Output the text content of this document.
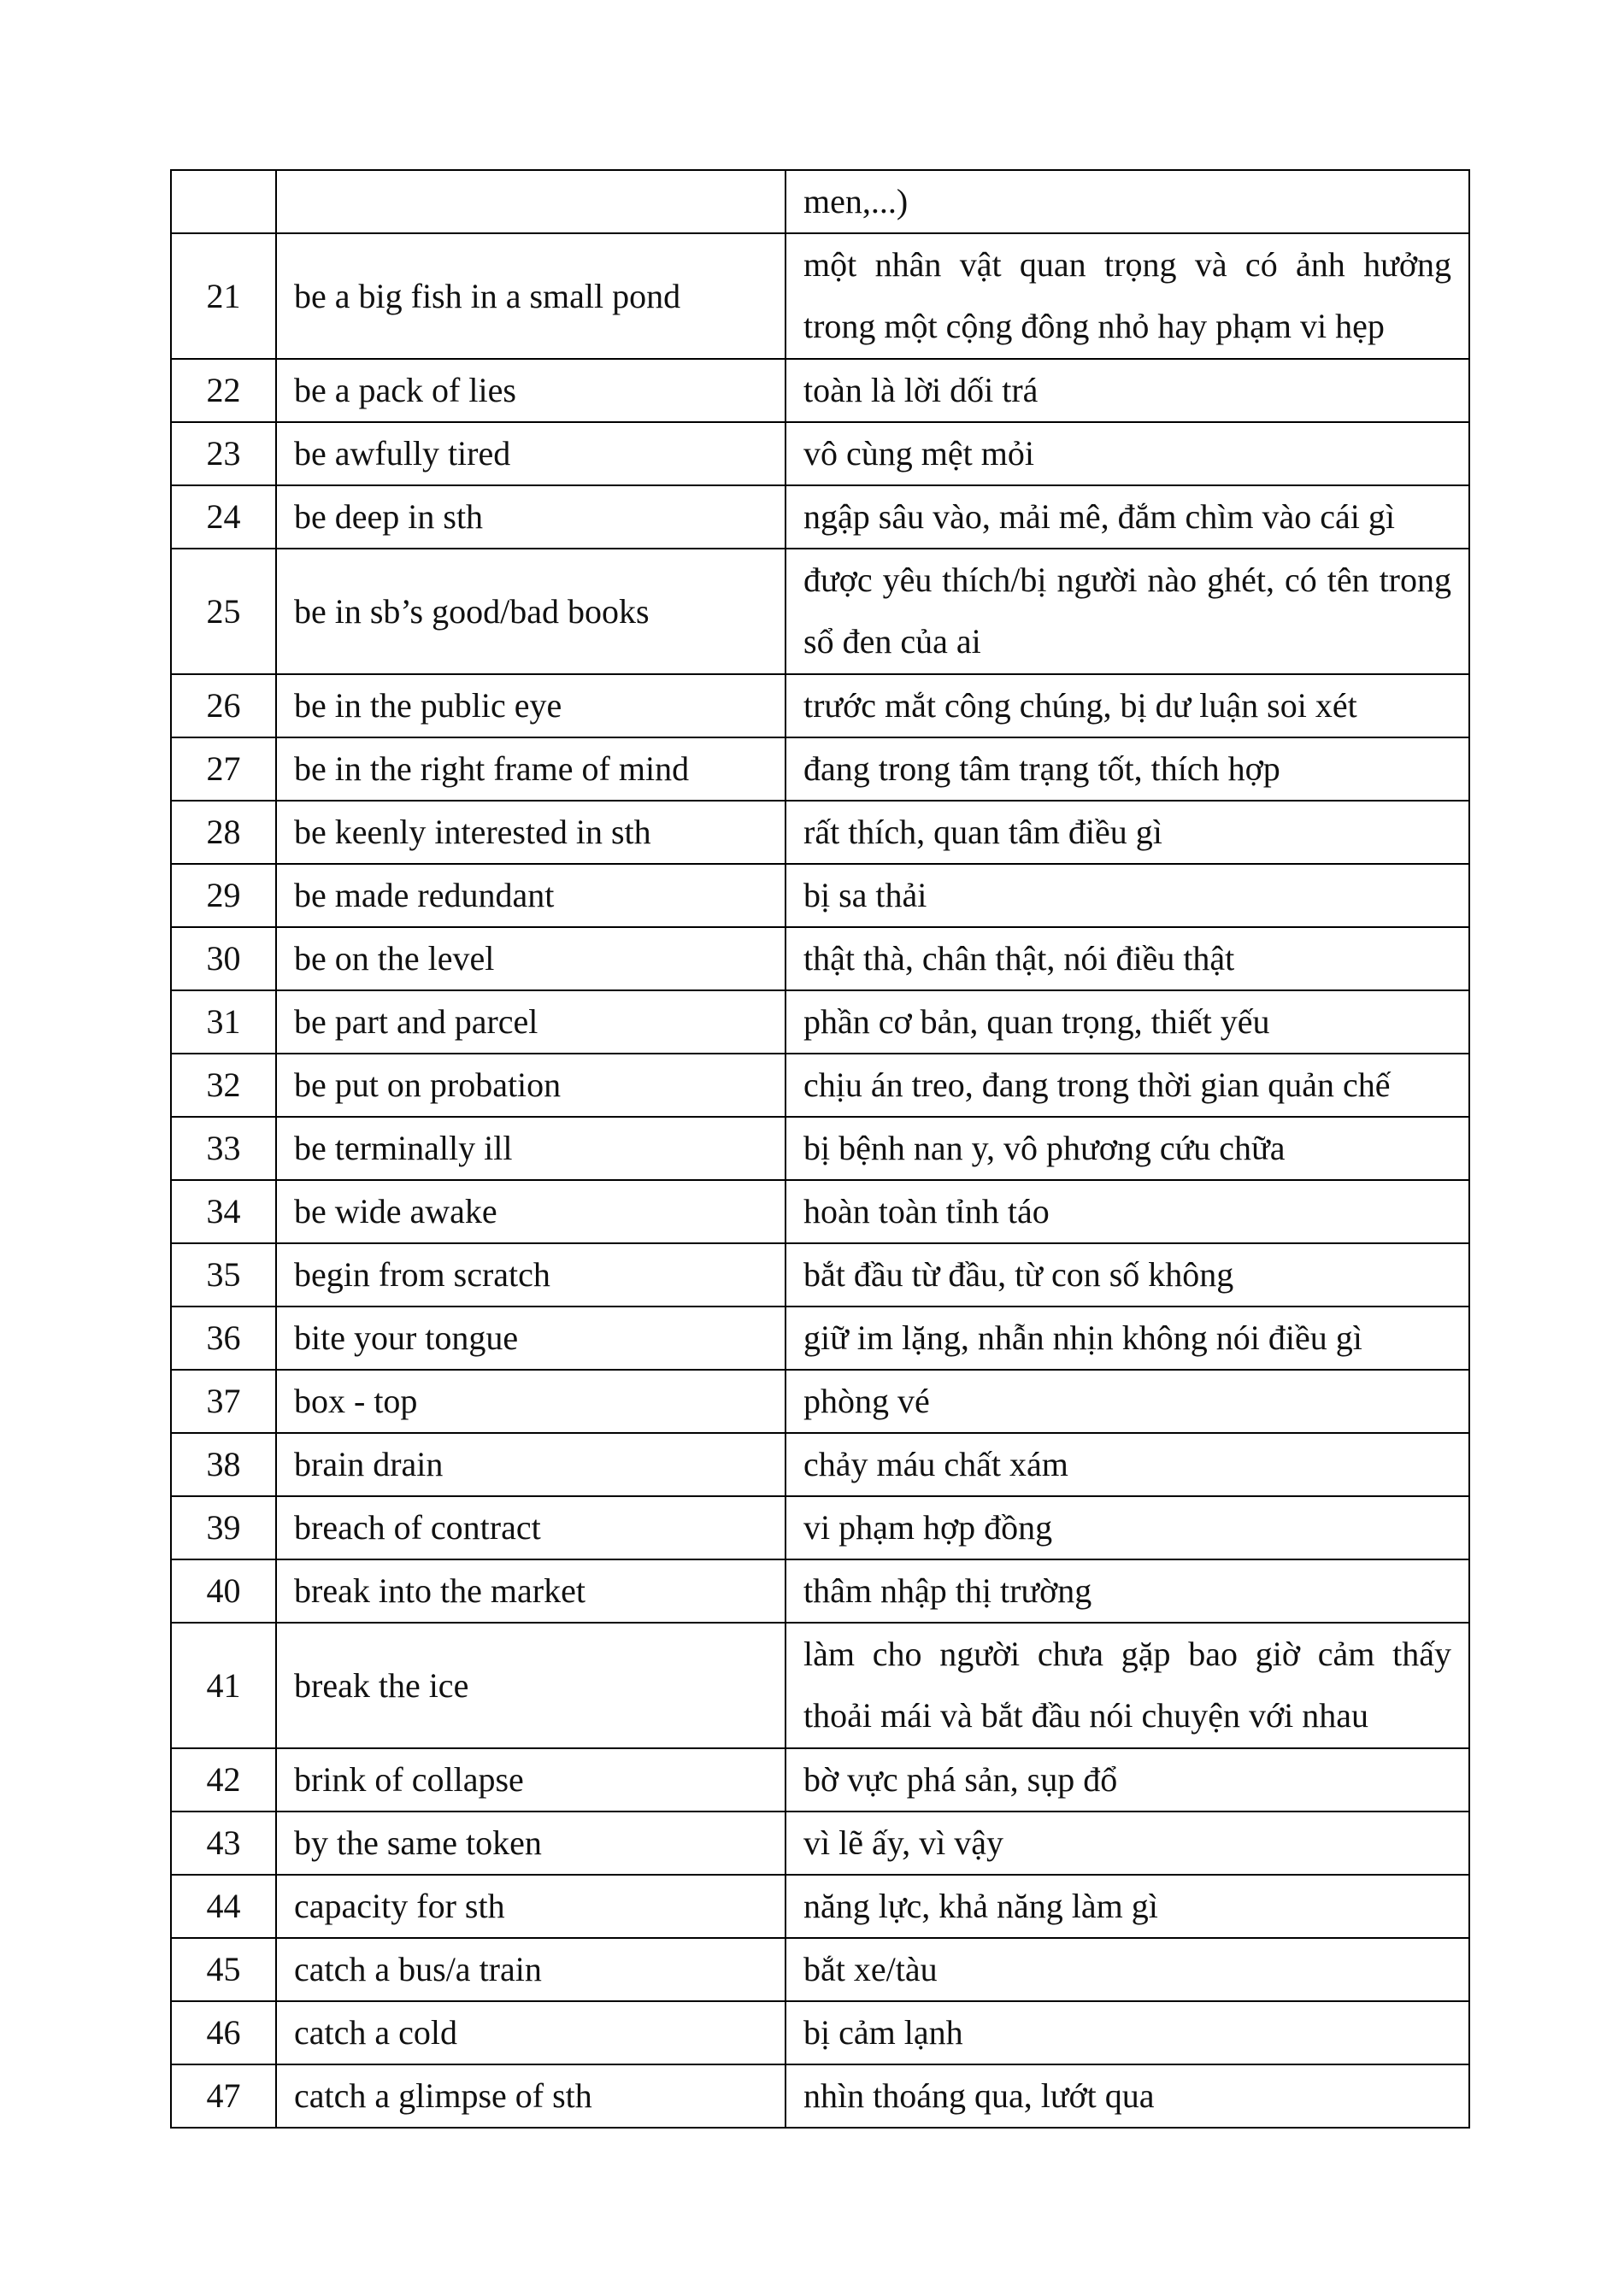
		men,...)
21	be a big fish in a small pond	một nhân vật quan trọng và có ảnh hưởng trong một cộng đông nhỏ hay phạm vi hẹp
22	be a pack of lies	toàn là lời dối trá
23	be awfully tired	vô cùng mệt mỏi
24	be deep in sth	ngập sâu vào, mải mê, đắm chìm vào cái gì
25	be in sb’s good/bad books	được yêu thích/bị người nào ghét, có tên trong sổ đen của ai
26	be in the public eye	trước mắt công chúng, bị dư luận soi xét
27	be in the right frame of mind	đang trong tâm trạng tốt, thích hợp
28	be keenly interested in sth	rất thích, quan tâm điều gì
29	be made redundant	bị sa thải
30	be on the level	thật thà, chân thật, nói điều thật
31	be part and parcel	phần cơ bản, quan trọng, thiết yếu
32	be put on probation	chịu án treo, đang trong thời gian quản chế
33	be terminally ill	bị bệnh nan y, vô phương cứu chữa
34	be wide awake	hoàn toàn tỉnh táo
35	begin from scratch	bắt đầu từ đầu, từ con số không
36	bite your tongue	giữ im lặng, nhẫn nhịn không nói điều gì
37	box - top	phòng vé
38	brain drain	chảy máu chất xám
39	breach of contract	vi phạm hợp đồng
40	break into the market	thâm nhập thị trường
41	break the ice	làm cho người chưa gặp bao giờ cảm thấy thoải mái và bắt đầu nói chuyện với nhau
42	brink of collapse	bờ vực phá sản, sụp đổ
43	by the same token	vì lẽ ấy, vì vậy
44	capacity for sth	năng lực, khả năng làm gì
45	catch a bus/a train	bắt xe/tàu
46	catch a cold	bị cảm lạnh
47	catch a glimpse of sth	nhìn thoáng qua, lướt qua
